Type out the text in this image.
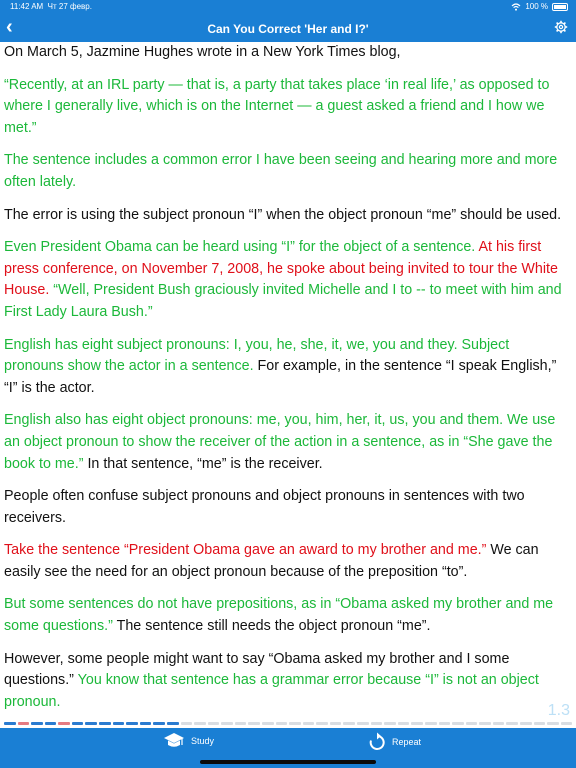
11:42 AM Чт 27 февр.	100 %
‹	Can You Correct 'Her and I?'

On March 5, Jazmine Hughes wrote in a New York Times blog,

“Recently, at an IRL party — that is, a party that takes place ‘in real life,’ as opposed to where I generally live, which is on the Internet — a guest asked a friend and I how we met.”

The sentence includes a common error I have been seeing and hearing more and more often lately.

The error is using the subject pronoun “I” when the object pronoun “me” should be used.

Even President Obama can be heard using “I” for the object of a sentence. At his first press conference, on November 7, 2008, he spoke about being invited to tour the White House. “Well, President Bush graciously invited Michelle and I to -- to meet with him and First Lady Laura Bush.”

English has eight subject pronouns: I, you, he, she, it, we, you and they. Subject pronouns show the actor in a sentence. For example, in the sentence “I speak English,” “I” is the actor.

English also has eight object pronouns: me, you, him, her, it, us, you and them. We use an object pronoun to show the receiver of the action in a sentence, as in “She gave the book to me.” In that sentence, “me” is the receiver.

People often confuse subject pronouns and object pronouns in sentences with two receivers.

Take the sentence “President Obama gave an award to my brother and me.” We can easily see the need for an object pronoun because of the preposition “to”.

But some sentences do not have prepositions, as in “Obama asked my brother and me some questions.” The sentence still needs the object pronoun “me”.

However, some people might want to say “Obama asked my brother and I some questions.” You know that sentence has a grammar error because “I” is not an object pronoun.

1.3
Study	Repeat
